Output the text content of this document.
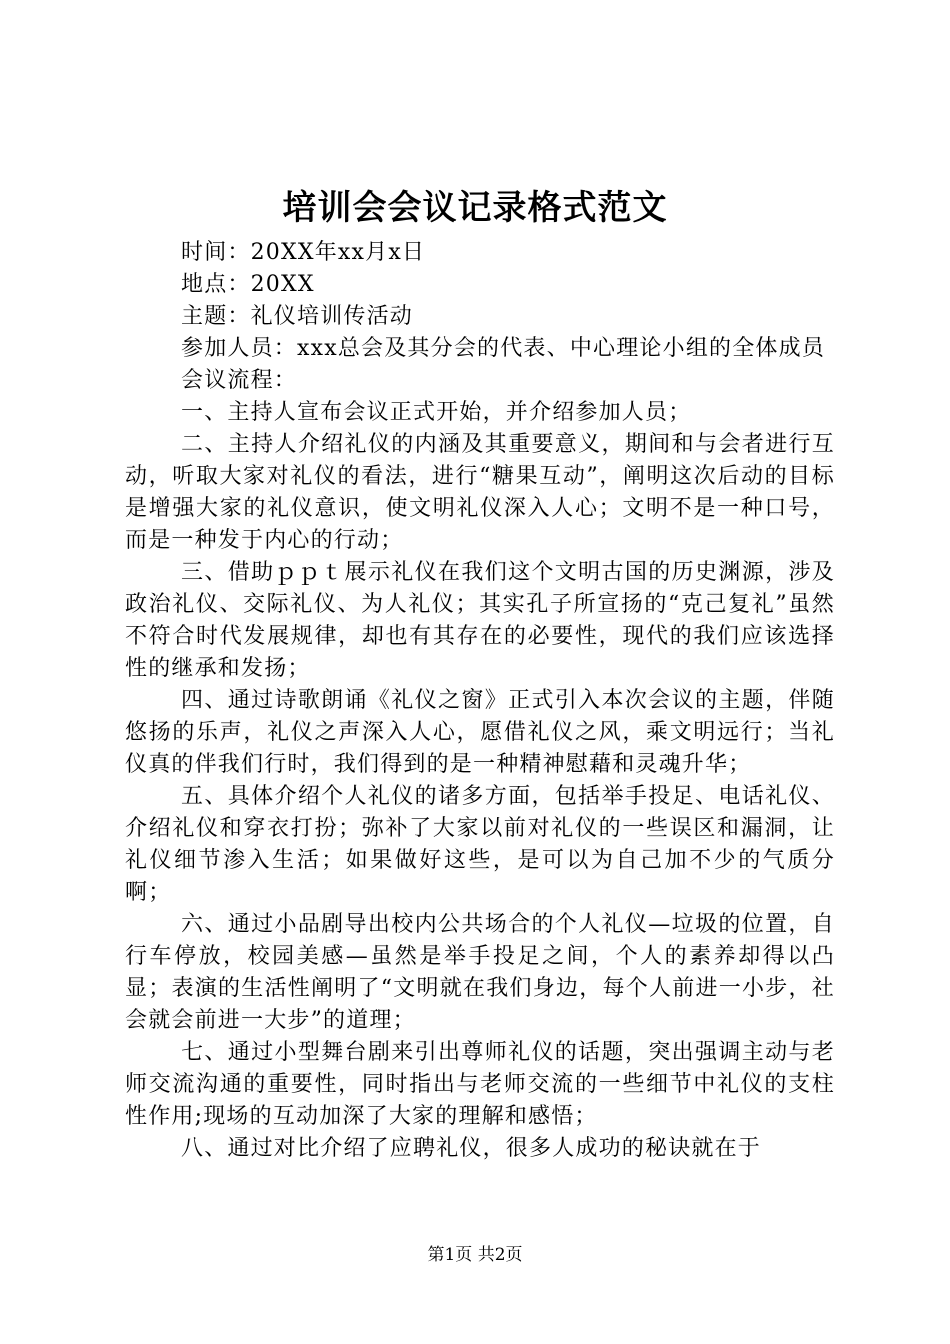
培训会会议记录格式范文

时间：20XX年xx月x日

地点：20XX

主题：礼仪培训传活动

参加人员：xxx总会及其分会的代表、中心理论小组的全体成员

会议流程：

一、主持人宣布会议正式开始，并介绍参加人员；

二、主持人介绍礼仪的内涵及其重要意义，期间和与会者进行互动，听取大家对礼仪的看法，进行“糖果互动”，阐明这次后动的目标是增强大家的礼仪意识，使文明礼仪深入人心；文明不是一种口号，而是一种发于内心的行动；

三、借助ｐｐｔ展示礼仪在我们这个文明古国的历史渊源，涉及政治礼仪、交际礼仪、为人礼仪；其实孔子所宣扬的“克己复礼”虽然不符合时代发展规律，却也有其存在的必要性，现代的我们应该选择性的继承和发扬；

四、通过诗歌朗诵《礼仪之窗》正式引入本次会议的主题，伴随悠扬的乐声，礼仪之声深入人心，愿借礼仪之风，乘文明远行；当礼仪真的伴我们行时，我们得到的是一种精神慰藉和灵魂升华；

五、具体介绍个人礼仪的诸多方面，包括举手投足、电话礼仪、介绍礼仪和穿衣打扮；弥补了大家以前对礼仪的一些误区和漏洞，让礼仪细节渗入生活；如果做好这些，是可以为自己加不少的气质分啊；

六、通过小品剧导出校内公共场合的个人礼仪—垃圾的位置，自行车停放，校园美感—虽然是举手投足之间，个人的素养却得以凸显；表演的生活性阐明了“文明就在我们身边，每个人前进一小步，社会就会前进一大步”的道理；

七、通过小型舞台剧来引出尊师礼仪的话题，突出强调主动与老师交流沟通的重要性，同时指出与老师交流的一些细节中礼仪的支柱性作用;现场的互动加深了大家的理解和感悟；

八、通过对比介绍了应聘礼仪，很多人成功的秘诀就在于

第1页 共2页
